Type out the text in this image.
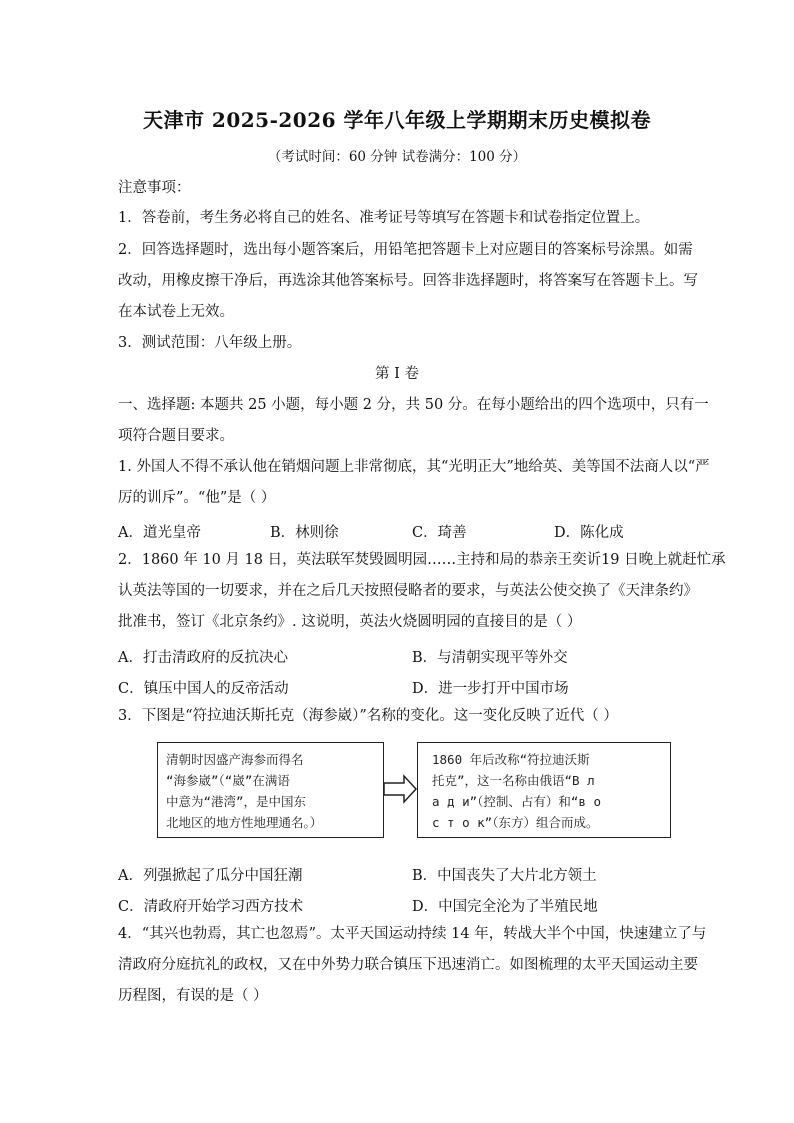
天津市 2025-2026 学年八年级上学期期末历史模拟卷
（考试时间：60 分钟 试卷满分：100 分）
注意事项：
1．答卷前，考生务必将自己的姓名、准考证号等填写在答题卡和试卷指定位置上。
2．回答选择题时，选出每小题答案后，用铅笔把答题卡上对应题目的答案标号涂黑。如需
改动，用橡皮擦干净后，再选涂其他答案标号。回答非选择题时，将答案写在答题卡上。写
在本试卷上无效。
3．测试范围：八年级上册。
第 I 卷
一、选择题: 本题共 25 小题，每小题 2 分，共 50 分。在每小题给出的四个选项中，只有一
项符合题目要求。
1. 外国人不得不承认他在销烟问题上非常彻底，其“光明正大”地给英、美等国不法商人以“严
厉的训斥”。“他”是（ ）
A．道光皇帝	B．林则徐	C．琦善	D．陈化成
2．1860 年 10 月 18 日，英法联军焚毁圆明园……主持和局的恭亲王奕䜣19 日晚上就赶忙承
认英法等国的一切要求，并在之后几天按照侵略者的要求，与英法公使交换了《天津条约》
批准书，签订《北京条约》. 这说明，英法火烧圆明园的直接目的是（ ）
A．打击清政府的反抗决心	B．与清朝实现平等外交
C．镇压中国人的反帝活动	D．进一步打开中国市场
3．下图是“符拉迪沃斯托克（海参崴）”名称的变化。这一变化反映了近代（ ）
清朝时因盛产海参而得名
“海参崴”（“崴”在满语
中意为“港湾”，是中国东
北地区的地方性地理通名。）
1860 年后改称“符拉迪沃斯
托克”，这一名称由俄语“В л
а д и”（控制、占有）和“в о
с т о к”（东方）组合而成。
A．列强掀起了瓜分中国狂潮	B．中国丧失了大片北方领土
C．清政府开始学习西方技术	D．中国完全沦为了半殖民地
4．“其兴也勃焉，其亡也忽焉”。太平天国运动持续 14 年，转战大半个中国，快速建立了与
清政府分庭抗礼的政权，又在中外势力联合镇压下迅速消亡。如图梳理的太平天国运动主要
历程图，有误的是（ ）
